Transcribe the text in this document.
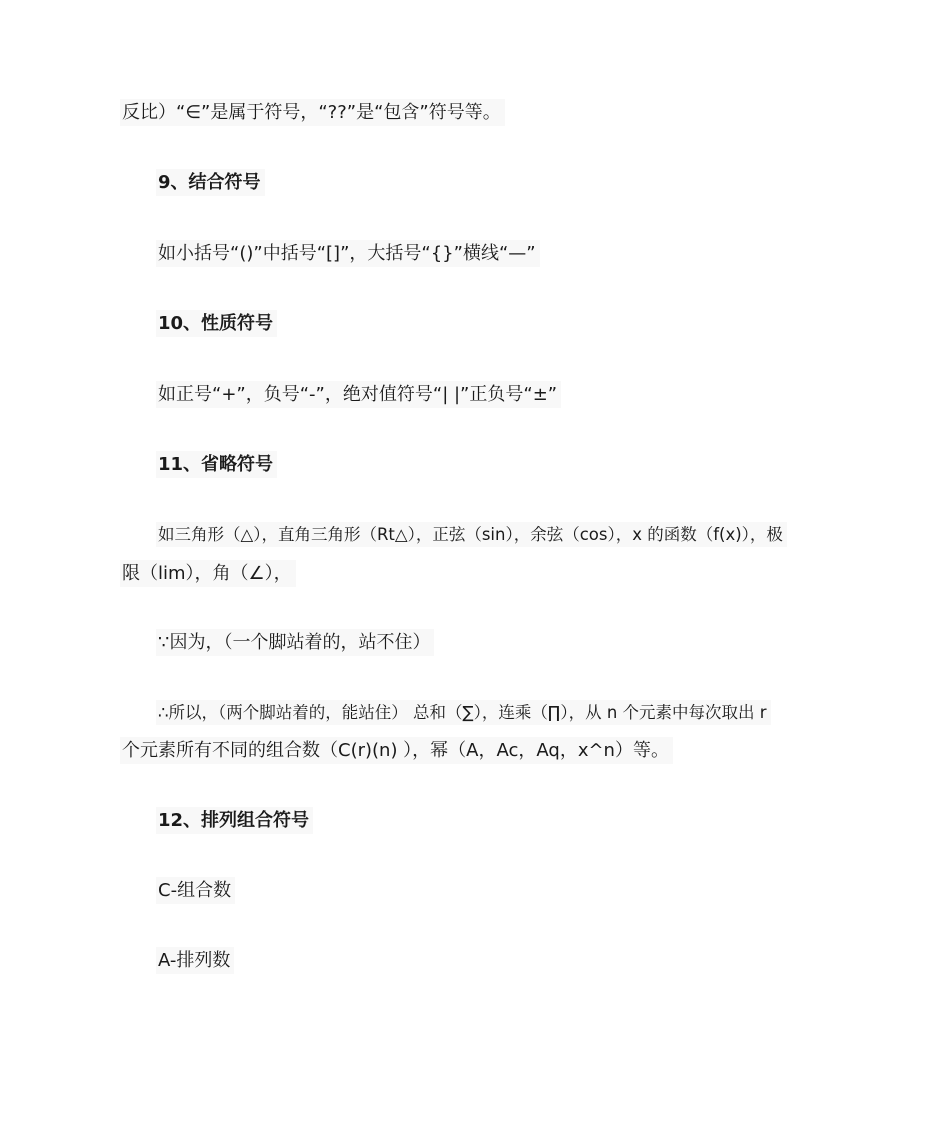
反比）“∈”是属于符号，“??”是“包含”符号等。
9、结合符号
如小括号“()”中括号“[]”，大括号“{}”横线“—”
10、性质符号
如正号“+”，负号“-”，绝对值符号“| |”正负号“±”
11、省略符号
如三角形（△），直角三角形（Rt△），正弦（sin），余弦（cos），x 的函数（f(x)），极
限（lim），角（∠），
∵因为，（一个脚站着的，站不住）
∴所以，（两个脚站着的，能站住） 总和（∑），连乘（∏），从 n 个元素中每次取出 r
个元素所有不同的组合数（C(r)(n) ），幂（A，Ac，Aq，x^n）等。
12、排列组合符号
C-组合数
A-排列数
